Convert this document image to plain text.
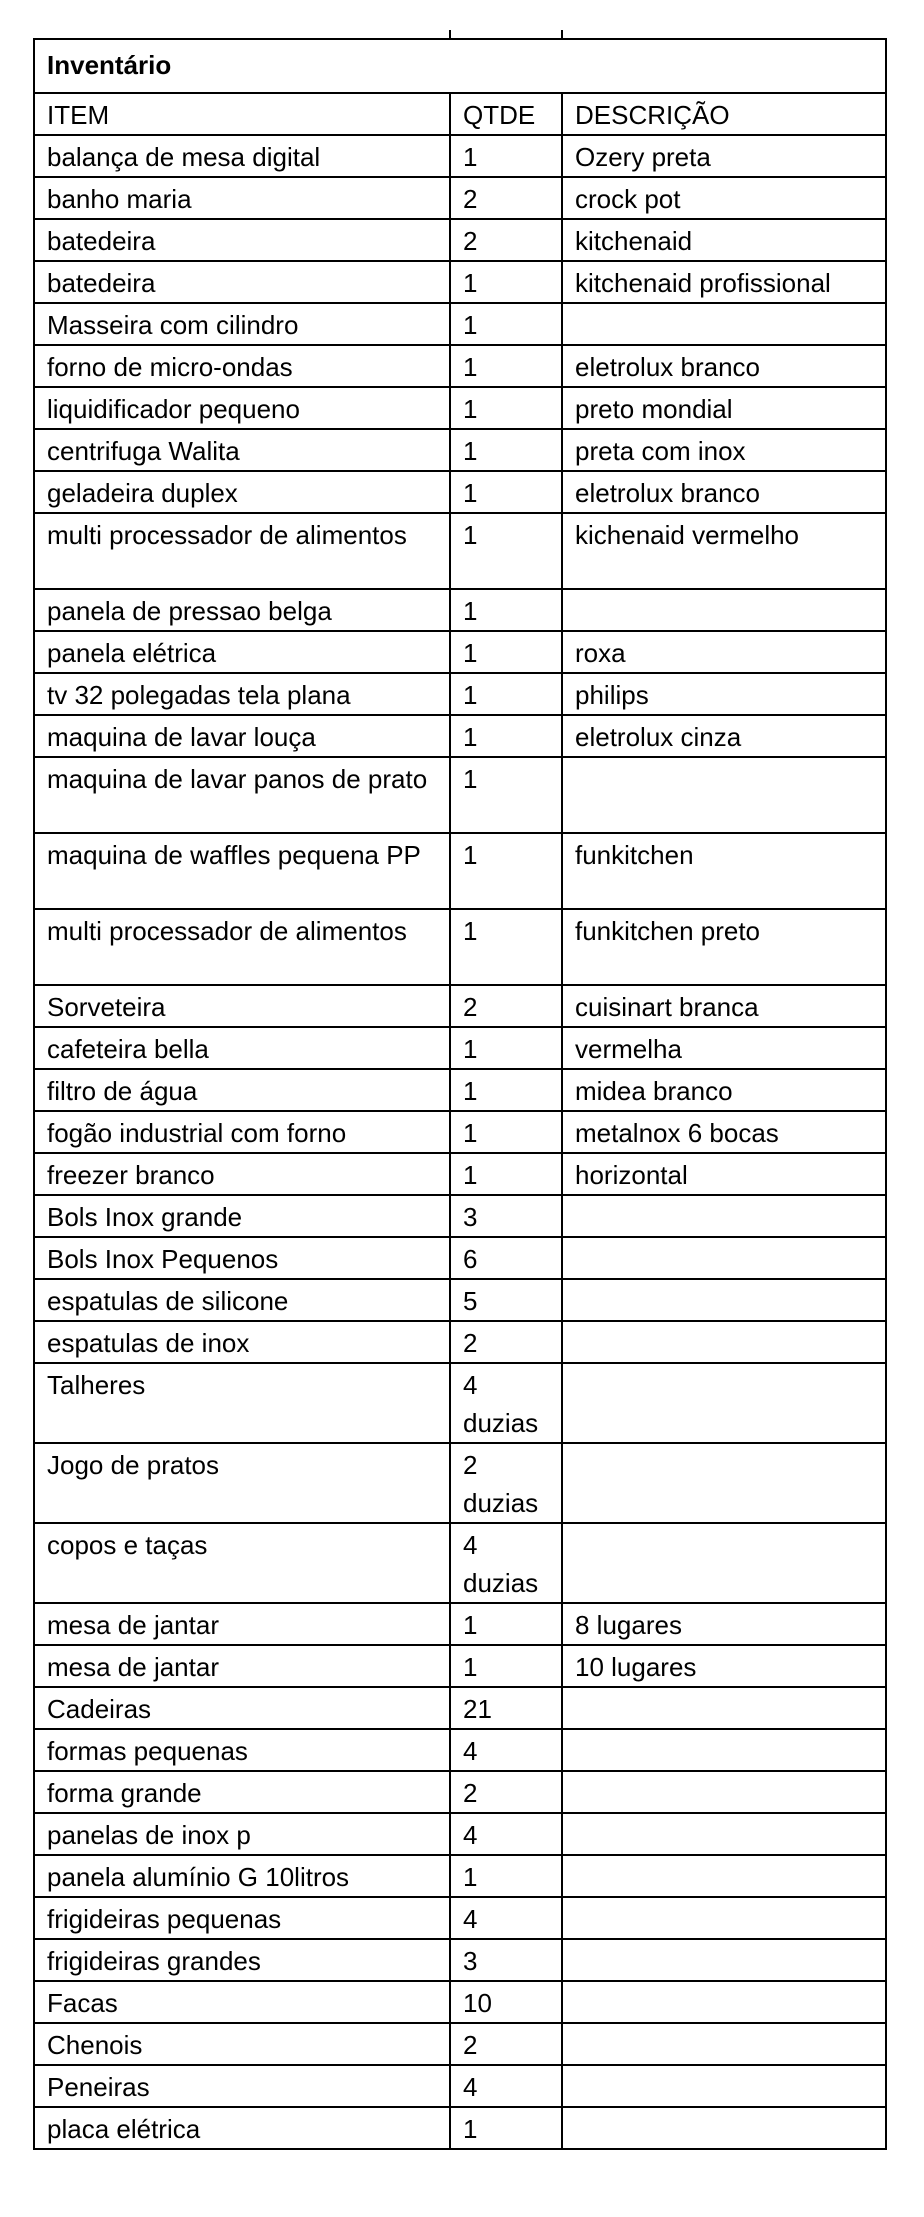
Inventário		
ITEM	QTDE	DESCRIÇÃO
balança de mesa digital	1	Ozery preta
banho maria	2	crock pot
batedeira	2	kitchenaid
batedeira	1	kitchenaid profissional
Masseira com cilindro	1	
forno de micro-ondas	1	eletrolux branco
liquidificador pequeno	1	preto mondial
centrifuga Walita	1	preta com inox
geladeira duplex	1	eletrolux branco
multi processador de alimentos	1	kichenaid vermelho
panela de pressao belga	1	
panela elétrica	1	roxa
tv 32 polegadas tela plana	1	philips
maquina de lavar louça	1	eletrolux cinza
maquina de lavar panos de prato	1	
maquina de waffles pequena PP	1	funkitchen
multi processador de alimentos	1	funkitchen preto
Sorveteira	2	cuisinart branca
cafeteira bella	1	vermelha
filtro de água	1	midea branco
fogão industrial com forno	1	metalnox 6 bocas
freezer branco	1	horizontal
Bols Inox grande	3	
Bols Inox Pequenos	6	
espatulas de silicone	5	
espatulas de inox	2	
Talheres	4 duzias	
Jogo de pratos	2 duzias	
copos e taças	4 duzias	
mesa de jantar	1	8 lugares
mesa de jantar	1	10 lugares
Cadeiras	21	
formas pequenas	4	
forma grande	2	
panelas de inox p	4	
panela alumínio G 10litros	1	
frigideiras pequenas	4	
frigideiras grandes	3	
Facas	10	
Chenois	2	
Peneiras	4	
placa elétrica	1	
